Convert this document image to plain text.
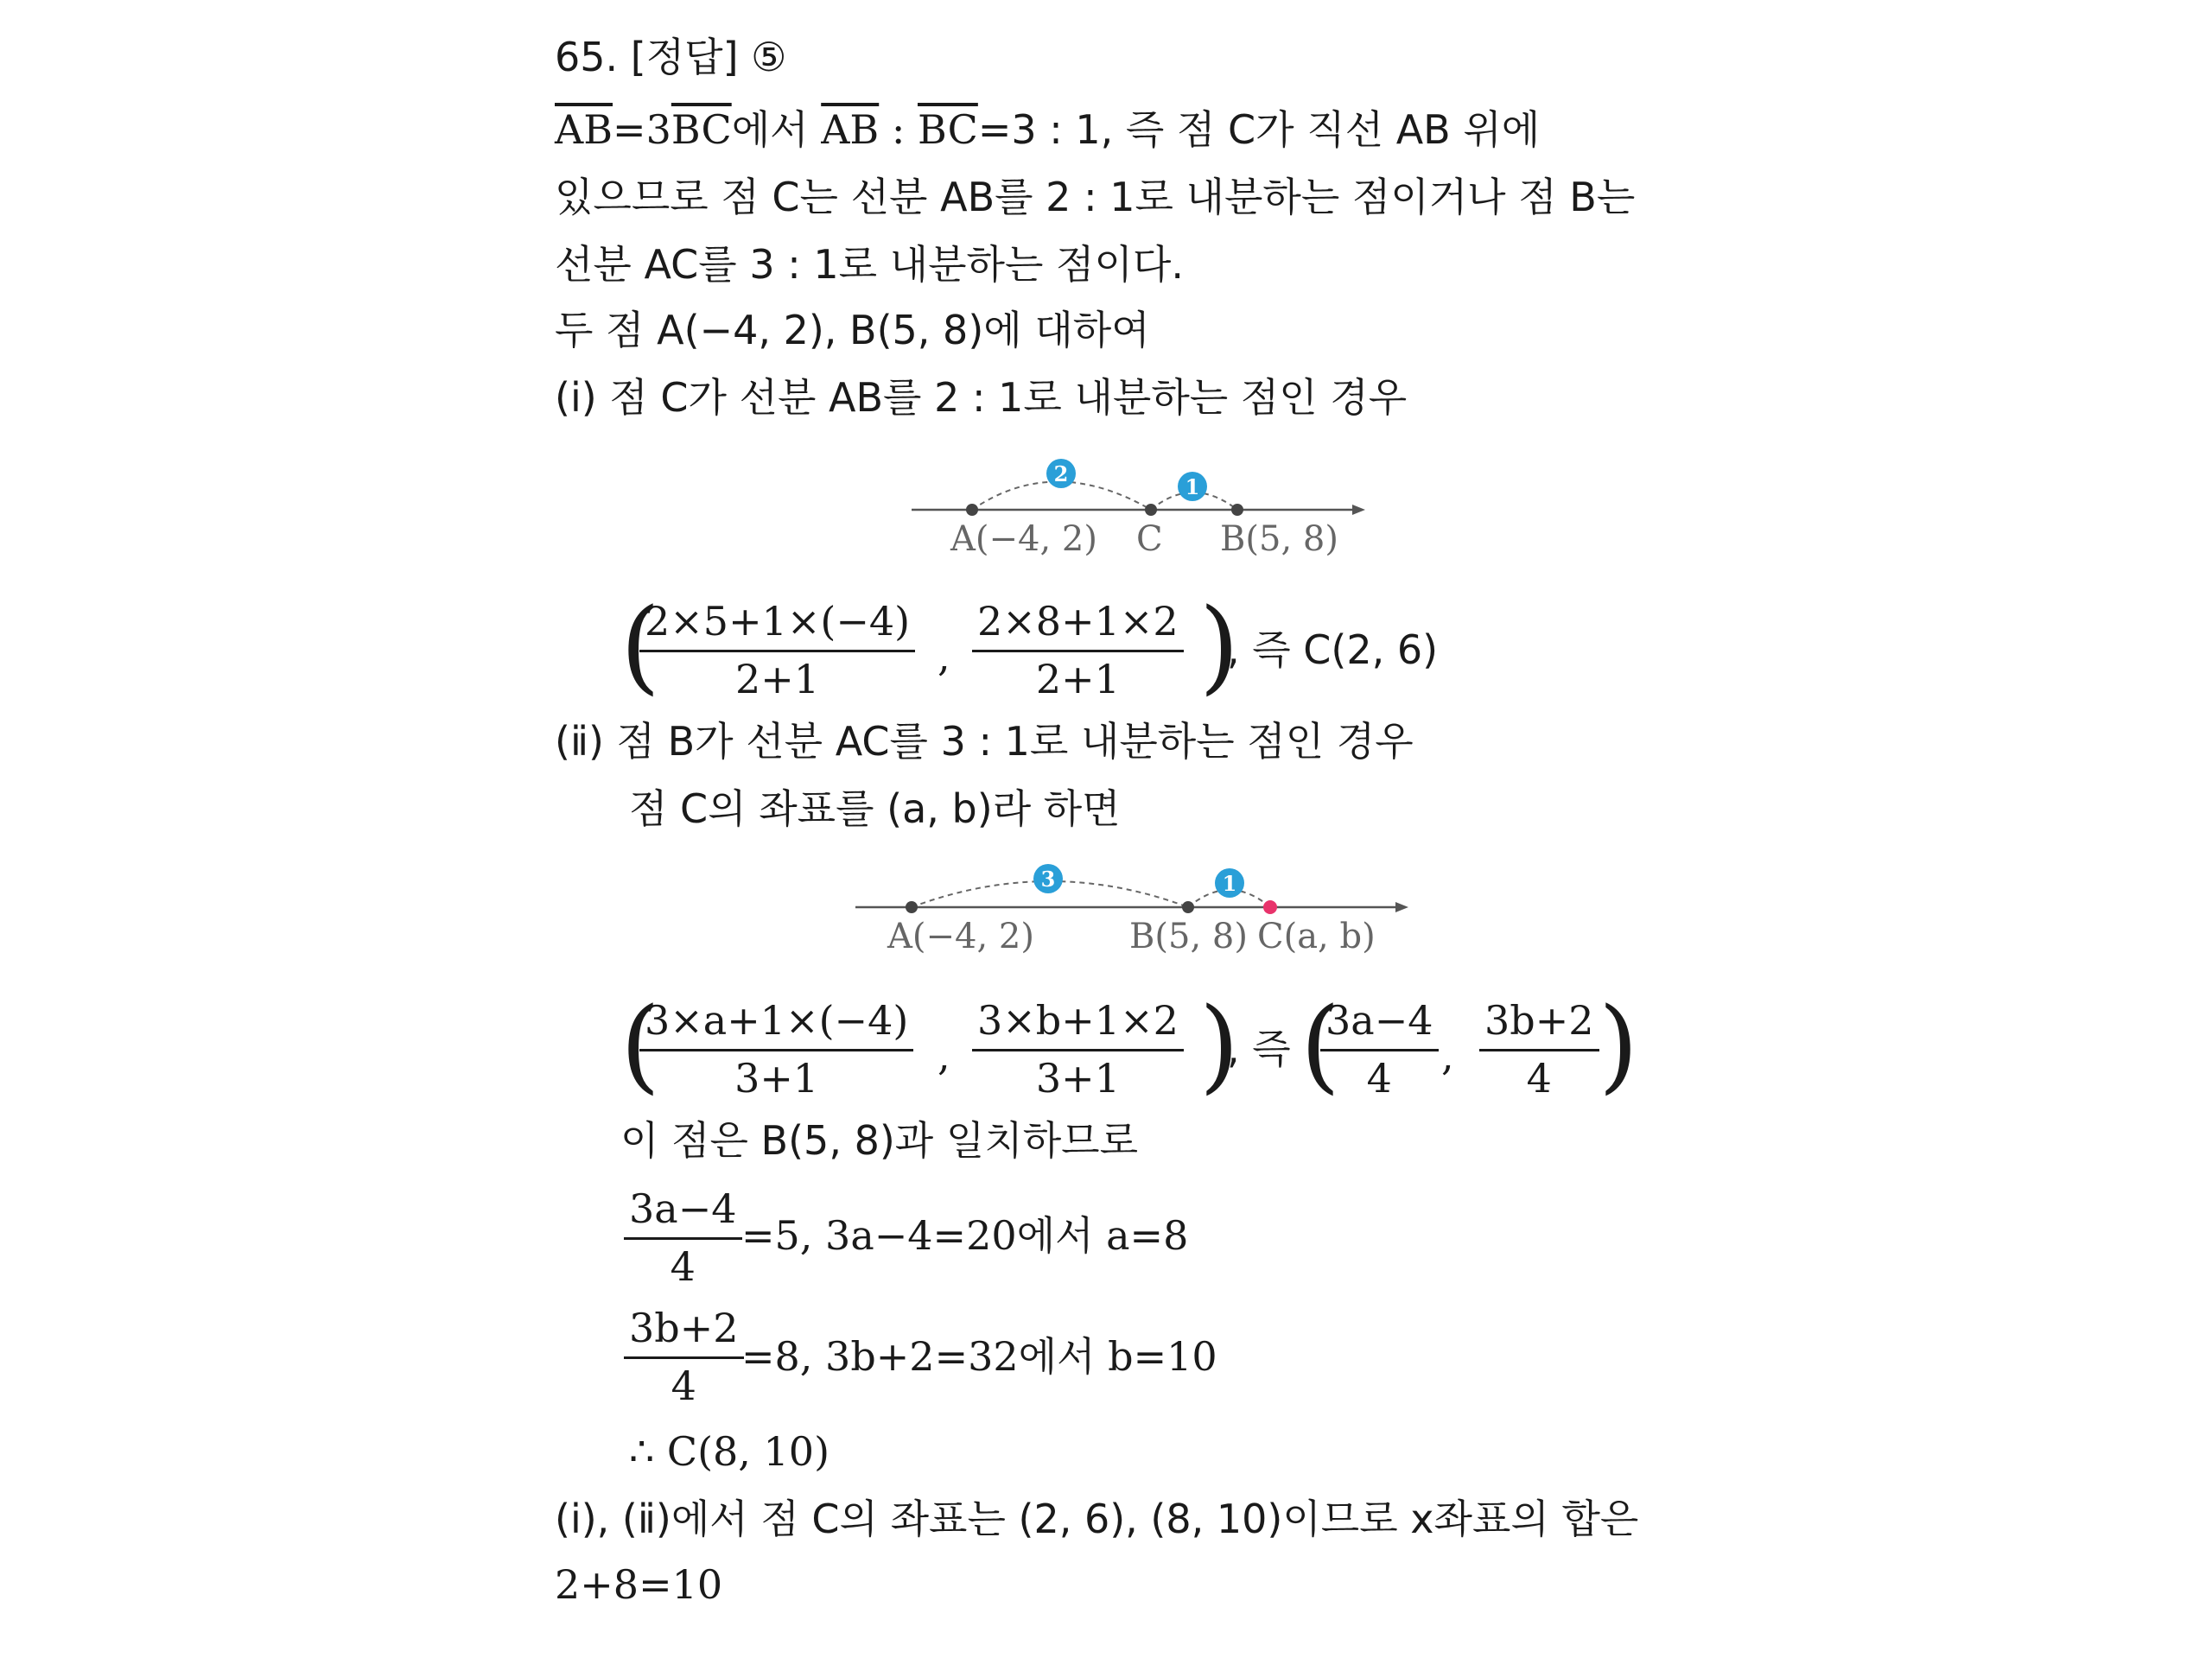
65. [정답] ⑤
$\overline{AB}=3\overline{BC}$에서 $\overline{AB}$ : $\overline{BC}=3$ : 1, 즉 점 C가 직선 AB 위에
있으므로 점 C는 선분 AB를 2 : 1로 내분하는 점이거나 점 B는
선분 AC를 3 : 1로 내분하는 점이다.
두 점 A(−4, 2), B(5, 8)에 대하여
(ⅰ) 점 C가 선분 AB를 2 : 1로 내분하는 점인 경우
2
1
A(−4, 2) C B(5, 8)
(
$\frac{2\times 5+1\times(-4)}{2+1}$ , $\frac{2\times 8+1\times 2}{2+1}$ )
, 즉 C(2, 6)
(ⅱ) 점 B가 선분 AC를 3 : 1로 내분하는 점인 경우
점 C의 좌표를 (a, b)라 하면
3	1
A(−4, 2)	B(5, 8) C(a, b)
(
$\frac{3\times a+1\times(-4)}{3+1}$ , $\frac{3\times b+1\times 2}{3+1}$ )
, 즉 (
$\frac{3a-4}{4}$ , $\frac{3b+2}{4}$ )
이 점은 B(5, 8)과 일치하므로
$\frac{3a-4}{4} =5$, 3a−4=20에서 a=8
$\frac{3b+2}{4}$
=8, 3b+2=32에서 b=10
∴ C(8, 10)
(ⅰ), (ⅱ)에서 점 C의 좌표는 (2, 6), (8, 10)이므로 x좌표의 합은
2+8=10
